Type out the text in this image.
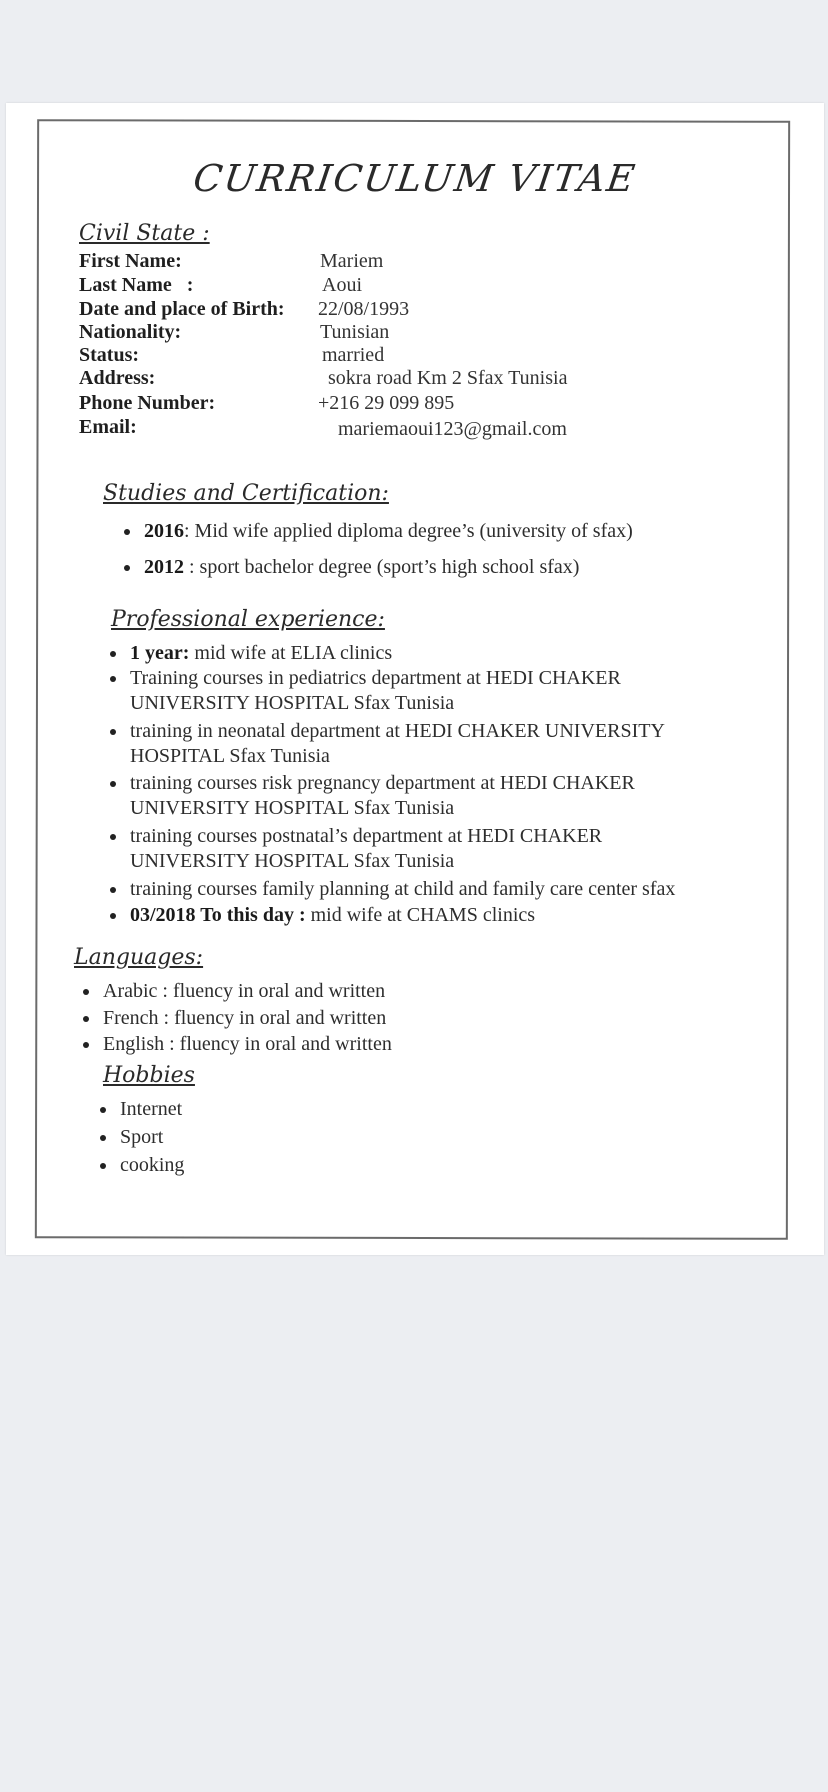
CURRICULUM VITAE
Civil State :
First Name:	Mariem
Last Name   :	Aoui
Date and place of Birth: 22/08/1993
Nationality:	Tunisian
Status:	married
Address:	sokra road Km 2 Sfax Tunisia
Phone Number:	+216 29 099 895
Email:	mariemaoui123@gmail.com
Studies and Certification:
2016: Mid wife applied diploma degree’s (university of sfax)
2012 : sport bachelor degree (sport’s high school sfax)
Professional experience:
1 year: mid wife at ELIA clinics
Training courses in pediatrics department at HEDI CHAKER
UNIVERSITY HOSPITAL Sfax Tunisia
training in neonatal department at HEDI CHAKER UNIVERSITY
HOSPITAL Sfax Tunisia
training courses risk pregnancy department at HEDI CHAKER
UNIVERSITY HOSPITAL Sfax Tunisia
training courses postnatal’s department at HEDI CHAKER
UNIVERSITY HOSPITAL Sfax Tunisia
training courses family planning at child and family care center sfax
03/2018 To this day : mid wife at CHAMS clinics
Languages:
Arabic : fluency in oral and written
French : fluency in oral and written
English : fluency in oral and written
Hobbies
Internet
Sport
cooking
